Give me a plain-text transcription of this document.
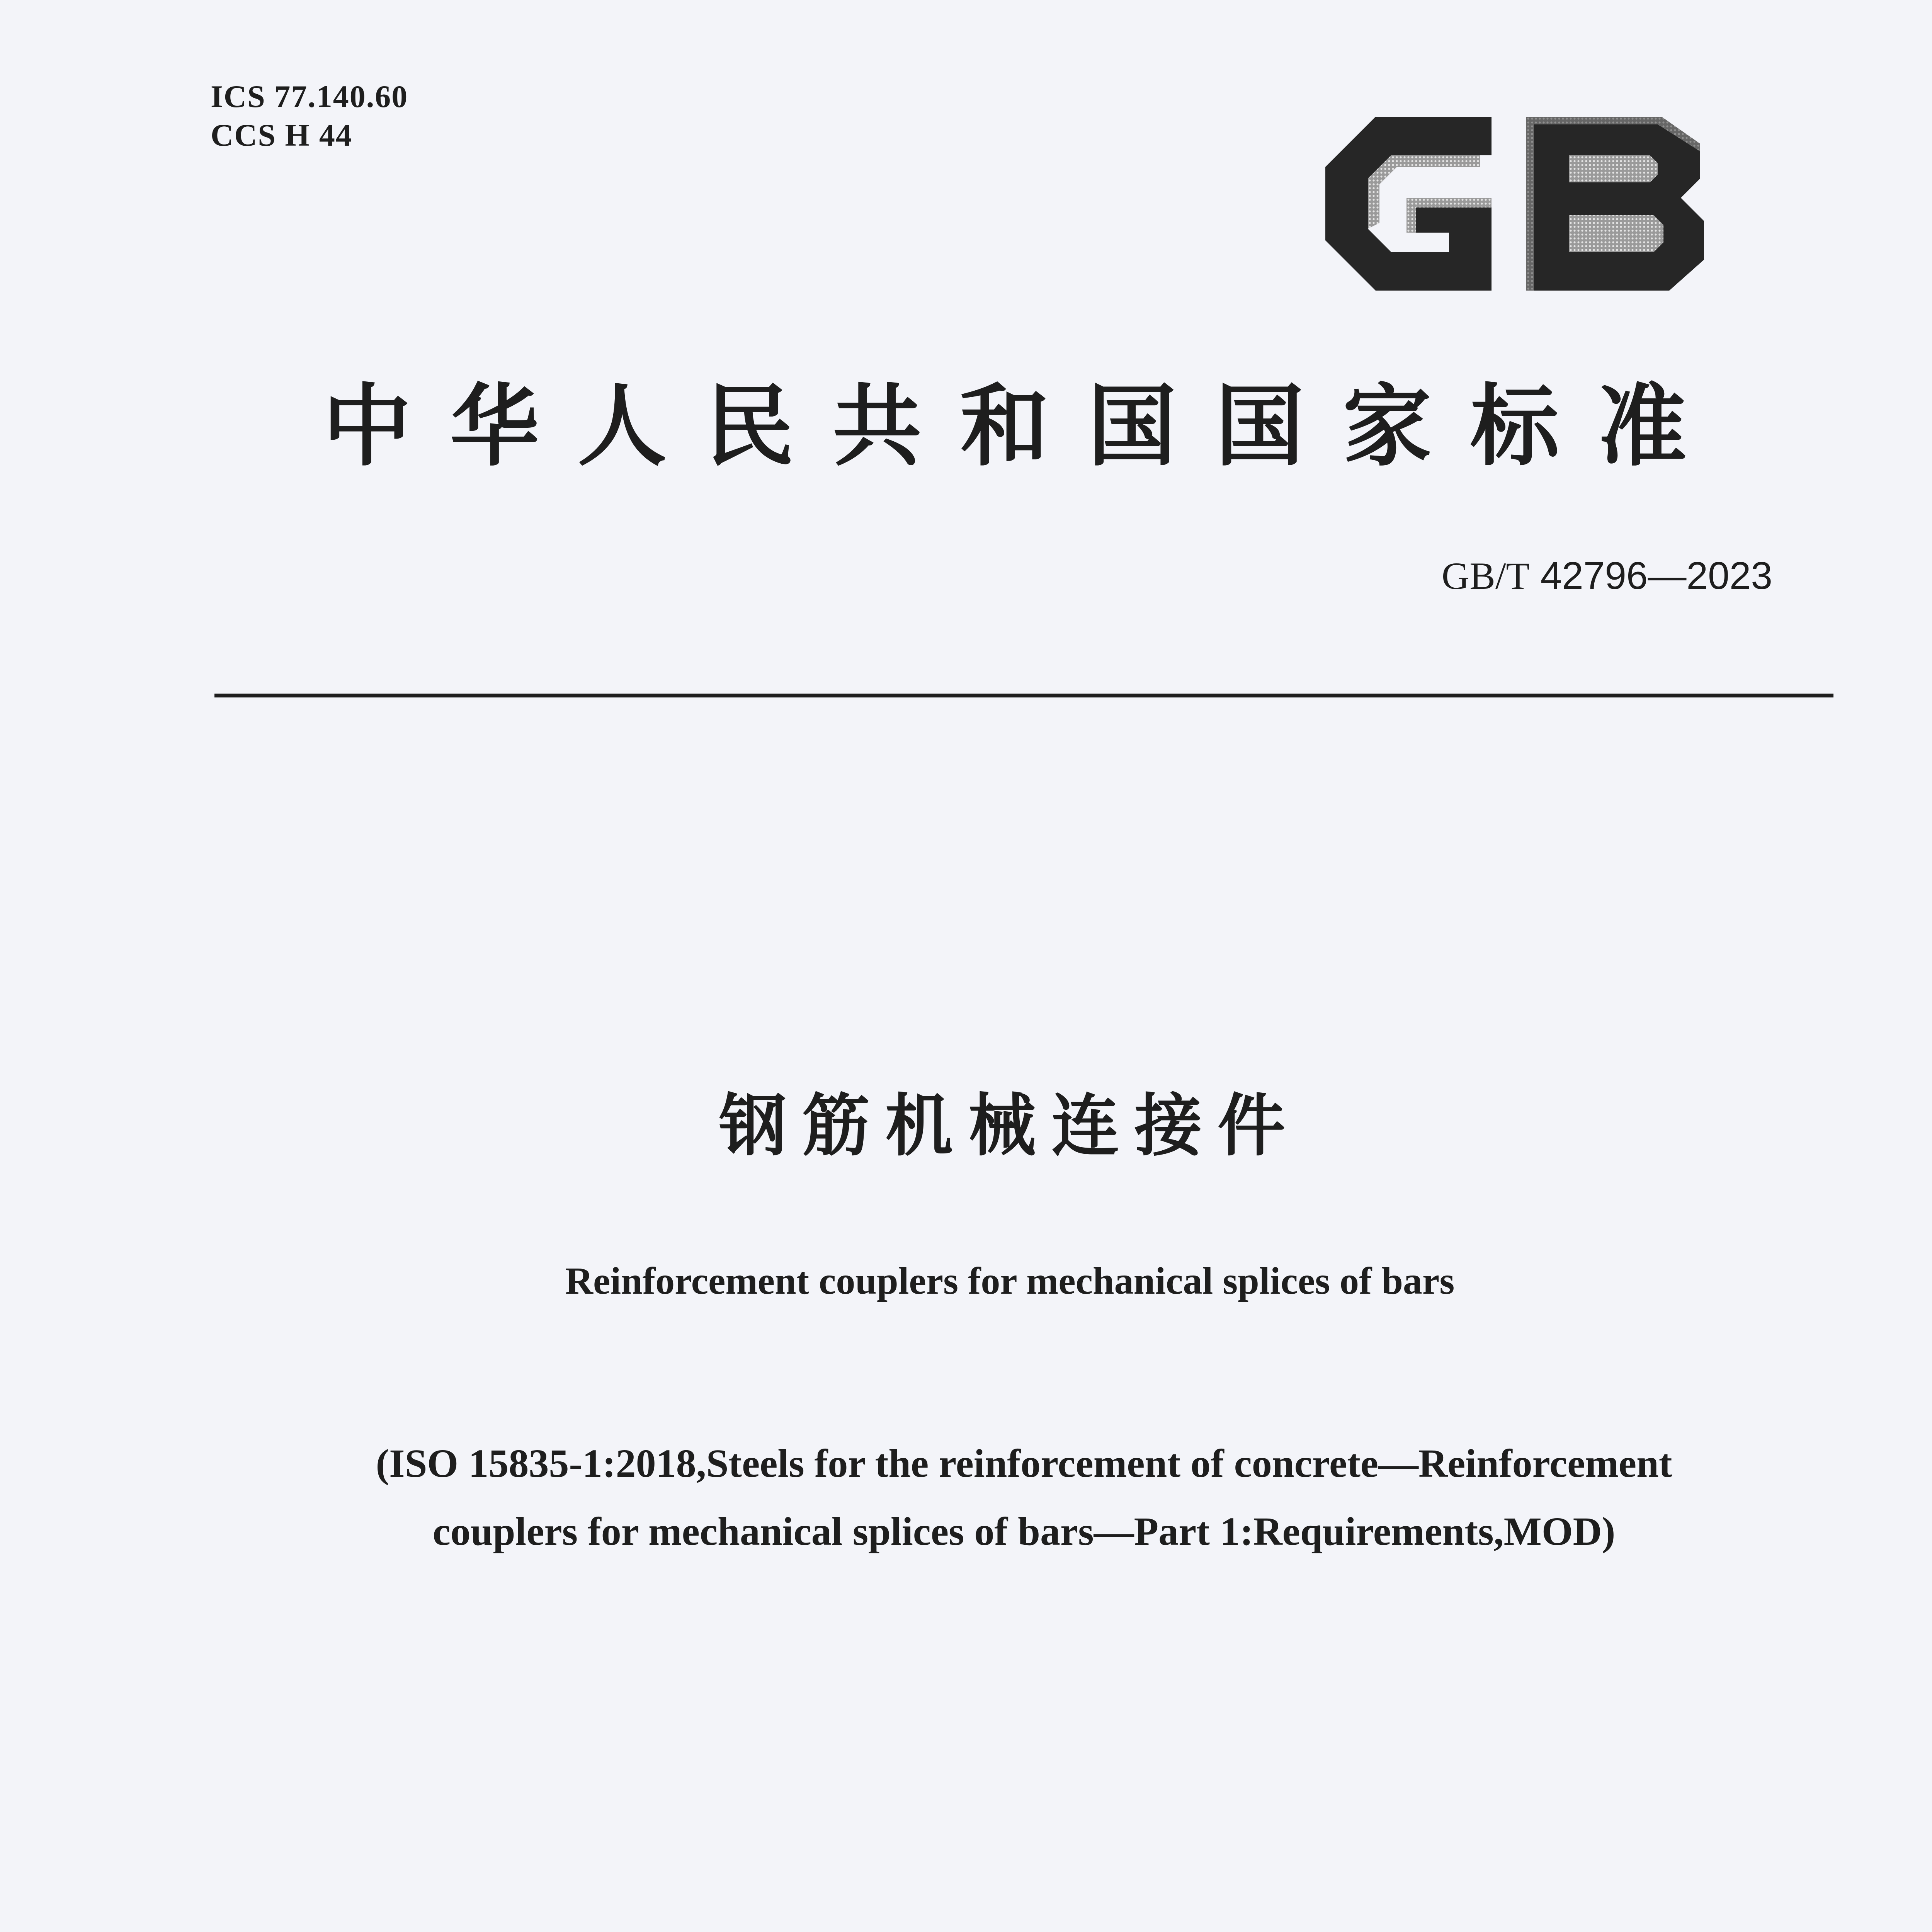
ICS 77.140.60
CCS H 44
中华人民共和国国家标准
GB/T 42796—2023
钢筋机械连接件
Reinforcement couplers for mechanical splices of bars
(ISO 15835-1:2018,Steels for the reinforcement of concrete—Reinforcement
couplers for mechanical splices of bars—Part 1:Requirements,MOD)
